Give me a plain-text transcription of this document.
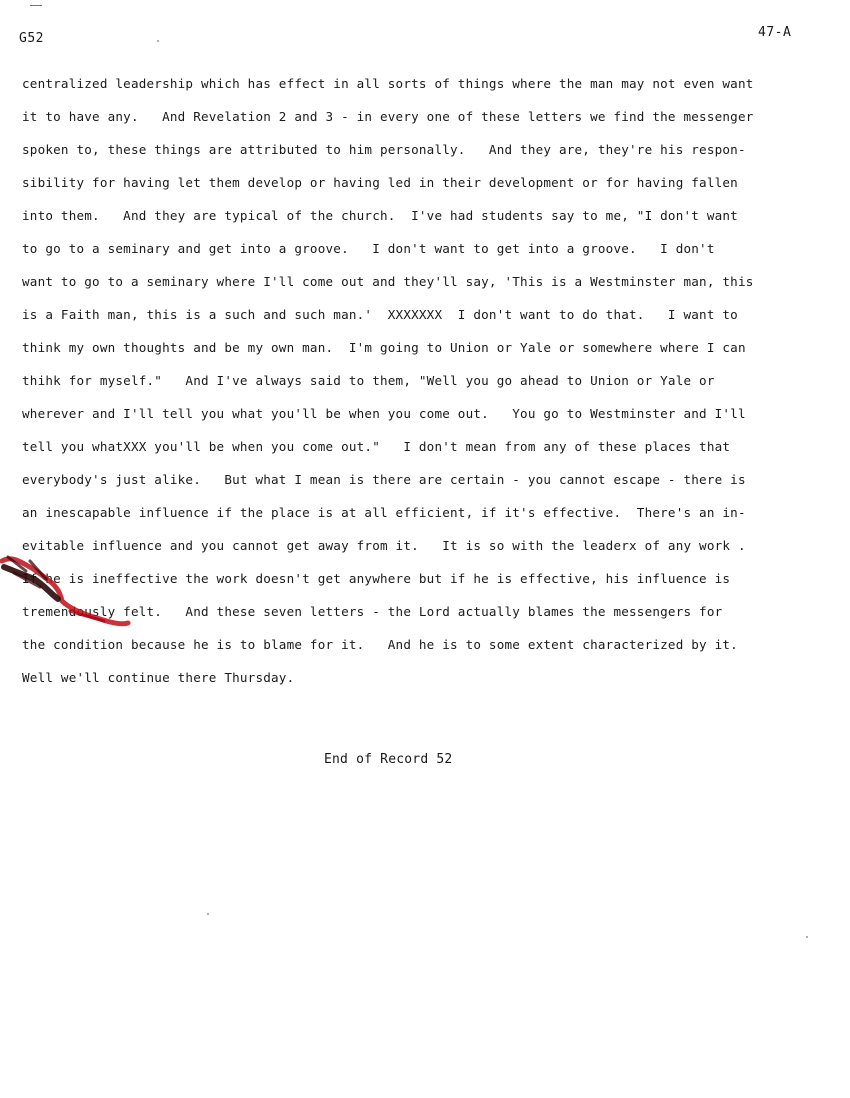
G52	47-A
centralized leadership which has effect in all sorts of things where the man may not even want
it to have any.   And Revelation 2 and 3 - in every one of these letters we find the messenger
spoken to, these things are attributed to him personally.   And they are, they're his respon-
sibility for having let them develop or having led in their development or for having fallen
into them.   And they are typical of the church.  I've had students say to me, "I don't want
to go to a seminary and get into a groove.   I don't want to get into a groove.   I don't
want to go to a seminary where I'll come out and they'll say, 'This is a Westminster man, this
is a Faith man, this is a such and such man.'  XXXXXXX  I don't want to do that.   I want to
think my own thoughts and be my own man.  I'm going to Union or Yale or somewhere where I can
thihk for myself."   And I've always said to them, "Well you go ahead to Union or Yale or
wherever and I'll tell you what you'll be when you come out.   You go to Westminster and I'll
tell you whatXXX you'll be when you come out."   I don't mean from any of these places that
everybody's just alike.   But what I mean is there are certain - you cannot escape - there is
an inescapable influence if the place is at all efficient, if it's effective.  There's an in-
evitable influence and you cannot get away from it.   It is so with the leaderx of any work .
If he is ineffective the work doesn't get anywhere but if he is effective, his influence is
tremendously felt.   And these seven letters - the Lord actually blames the messengers for
the condition because he is to blame for it.   And he is to some extent characterized by it.
Well we'll continue there Thursday.
End of Record 52
